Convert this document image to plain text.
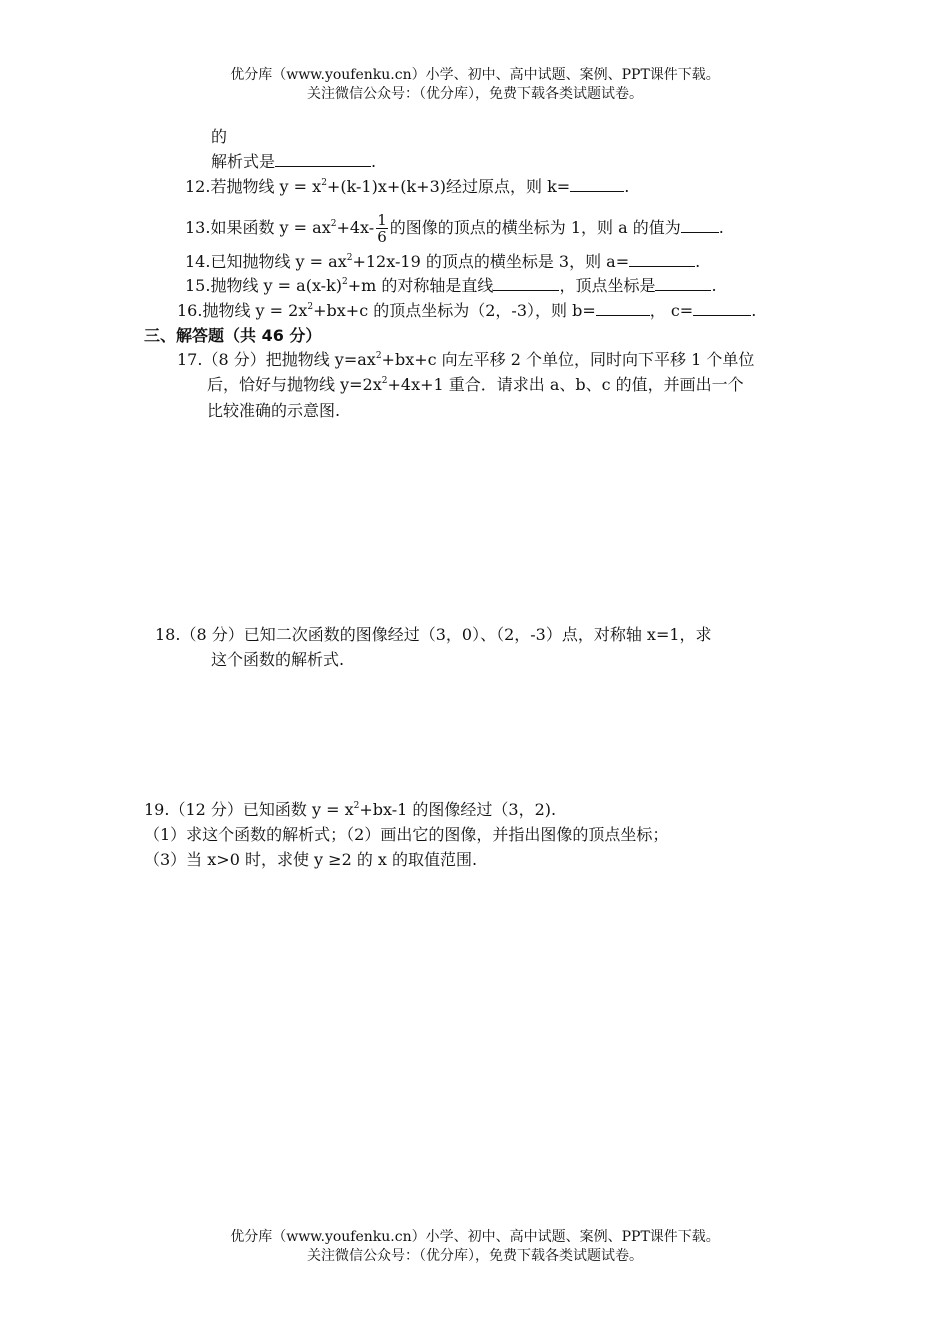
优分库（www.youfenku.cn）小学、初中、高中试题、案例、PPT课件下载。
关注微信公众号：（优分库），免费下载各类试题试卷。
的
解析式是	.
12.若抛物线 $y = x^2+(k-1)x+(k+3)$经过原点，则 k=	.
13.如果函数 $y = ax^2+4x- \frac{1}{6}$ 的图像的顶点的横坐标为 1，则 a 的值为 .
14.已知抛物线 $y = ax^2+12x-19$ 的顶点的横坐标是 3，则 a=	.
15.抛物线 $y = a(x-k)^2+m$ 的对称轴是直线	，顶点坐标是	.
16.抛物线 $y = 2x^2+bx+c$ 的顶点坐标为（2，-3），则 b=	， c=	.
三、解答题（共 46 分）
17.（8 分）把抛物线 $y=ax^2+bx+c$ 向左平移 2 个单位，同时向下平移 1 个单位
后，恰好与抛物线 $y=2x^2+4x+1$ 重合．请求出 a、b、c 的值，并画出一个
比较准确的示意图.
18.（8 分）已知二次函数的图像经过（3，0）、（2，-3）点，对称轴 x=1，求
这个函数的解析式.
19.（12 分）已知函数 $y = x^2+bx-1$ 的图像经过（3，2).
（1）求这个函数的解析式；（2）画出它的图像，并指出图像的顶点坐标；
（3）当 x>0 时，求使 y ≥2 的 x 的取值范围.
优分库（www.youfenku.cn）小学、初中、高中试题、案例、PPT课件下载。
关注微信公众号：（优分库），免费下载各类试题试卷。
